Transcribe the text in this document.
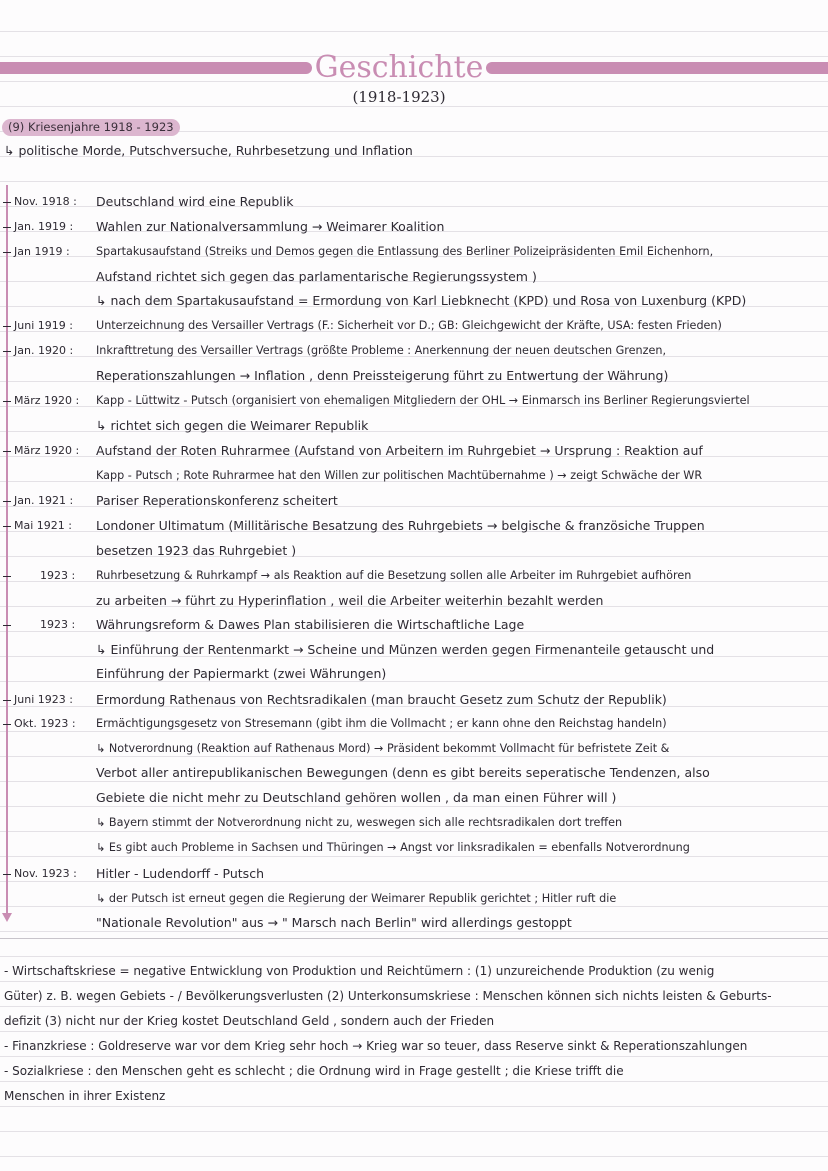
Geschichte
(1918-1923)
(9) Kriesenjahre 1918 - 1923
↳ politische Morde, Putschversuche, Ruhrbesetzung und Inflation
Nov. 1918 : Deutschland wird eine Republik
Jan. 1919 : Wahlen zur Nationalversammlung → Weimarer Koalition
Jan 1919 : Spartakusaufstand (Streiks und Demos gegen die Entlassung des Berliner Polizeipräsidenten Emil Eichenhorn,
Aufstand richtet sich gegen das parlamentarische Regierungssystem )
↳ nach dem Spartakusaufstand = Ermordung von Karl Liebknecht (KPD) und Rosa von Luxenburg (KPD)
Juni 1919 : Unterzeichnung des Versailler Vertrags (F.: Sicherheit vor D.; GB: Gleichgewicht der Kräfte, USA: festen Frieden)
Jan. 1920 : Inkrafttretung des Versailler Vertrags (größte Probleme : Anerkennung der neuen deutschen Grenzen,
Reperationszahlungen → Inflation , denn Preissteigerung führt zu Entwertung der Währung)
März 1920 : Kapp - Lüttwitz - Putsch (organisiert von ehemaligen Mitgliedern der OHL → Einmarsch ins Berliner Regierungsviertel
↳ richtet sich gegen die Weimarer Republik
März 1920 : Aufstand der Roten Ruhrarmee (Aufstand von Arbeitern im Ruhrgebiet → Ursprung : Reaktion auf
Kapp - Putsch ; Rote Ruhrarmee hat den Willen zur politischen Machtübernahme ) → zeigt Schwäche der WR
Jan. 1921 : Pariser Reperationskonferenz scheitert
Mai 1921 : Londoner Ultimatum (Millitärische Besatzung des Ruhrgebiets → belgische & französiche Truppen
besetzen 1923 das Ruhrgebiet )
1923 : Ruhrbesetzung & Ruhrkampf → als Reaktion auf die Besetzung sollen alle Arbeiter im Ruhrgebiet aufhören
zu arbeiten → führt zu Hyperinflation , weil die Arbeiter weiterhin bezahlt werden
1923 : Währungsreform & Dawes Plan stabilisieren die Wirtschaftliche Lage
↳ Einführung der Rentenmarkt → Scheine und Münzen werden gegen Firmenanteile getauscht und
Einführung der Papiermarkt (zwei Währungen)
Juni 1923 : Ermordung Rathenaus von Rechtsradikalen (man braucht Gesetz zum Schutz der Republik)
Okt. 1923 : Ermächtigungsgesetz von Stresemann (gibt ihm die Vollmacht ; er kann ohne den Reichstag handeln)
↳ Notverordnung (Reaktion auf Rathenaus Mord) → Präsident bekommt Vollmacht für befristete Zeit &
Verbot aller antirepublikanischen Bewegungen (denn es gibt bereits seperatische Tendenzen, also
Gebiete die nicht mehr zu Deutschland gehören wollen , da man einen Führer will )
↳ Bayern stimmt der Notverordnung nicht zu, weswegen sich alle rechtsradikalen dort treffen
↳ Es gibt auch Probleme in Sachsen und Thüringen → Angst vor linksradikalen = ebenfalls Notverordnung
Nov. 1923 : Hitler - Ludendorff - Putsch
↳ der Putsch ist erneut gegen die Regierung der Weimarer Republik gerichtet ; Hitler ruft die
"Nationale Revolution" aus → " Marsch nach Berlin" wird allerdings gestoppt
- Wirtschaftskriese = negative Entwicklung von Produktion und Reichtümern : (1) unzureichende Produktion (zu wenig
Güter) z. B. wegen Gebiets - / Bevölkerungsverlusten (2) Unterkonsumskriese : Menschen können sich nichts leisten & Geburts-
defizit (3) nicht nur der Krieg kostet Deutschland Geld , sondern auch der Frieden
- Finanzkriese : Goldreserve war vor dem Krieg sehr hoch → Krieg war so teuer, dass Reserve sinkt & Reperationszahlungen
- Sozialkriese : den Menschen geht es schlecht ; die Ordnung wird in Frage gestellt ; die Kriese trifft die
Menschen in ihrer Existenz
